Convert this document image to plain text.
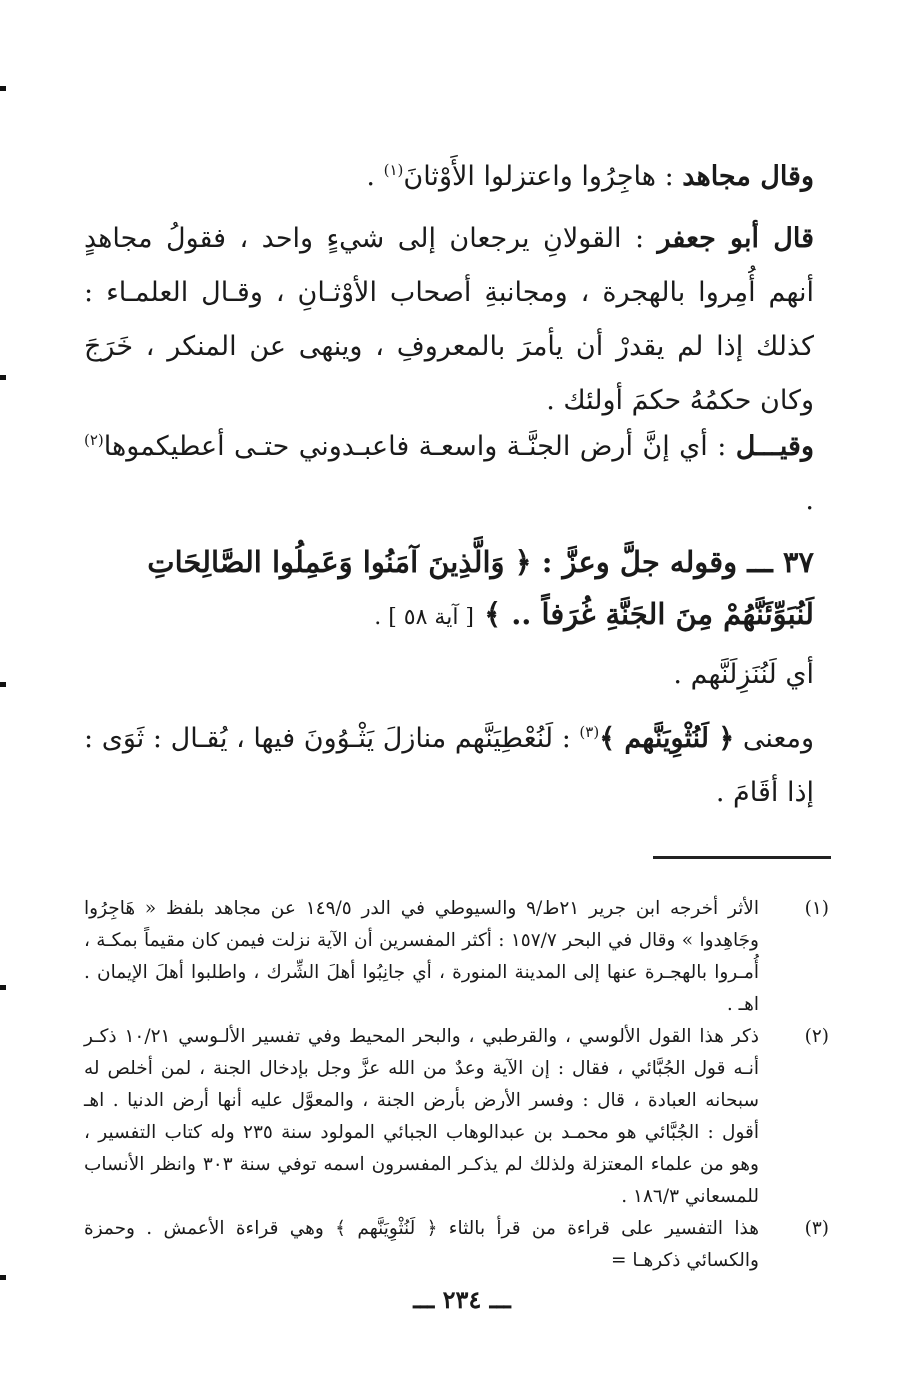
وقال مجاهد : هاجِرُوا واعتزلوا الأَوْثانَ$^{(١)}$ .
قال أبو جعفر : القولانِ يرجعان إلى شيءٍ واحد ، فقولُ مجاهدٍ أنهم أُمِروا بالهجرة ، ومجانبةِ أصحاب الأوْثـانِ ، وقـال العلمـاء : كذلك إذا لم يقدرْ أن يأمرَ بالمعروفِ ، وينهى عن المنكر ، خَرَجَ وكان حكمُهُ حكمَ أولئك .
وقيـــل : أي إنَّ أرض الجنَّـة واسعـة فاعبـدوني حتـى أعطيكموها$^{(٢)}$ .
٣٧ ـــ وقوله جلَّ وعزَّ : ﴿ وَالَّذِينَ آمَنُوا وَعَمِلُوا الصَّالِحَاتِ لَنُبَوِّئَنَّهُمْ مِنَ الجَنَّةِ غُرَفاً .. ﴾ [ آية ٥٨ ] .
أي لَنُنَزِلَنَّهم .
ومعنى ﴿ لَنُثْوِيَنَّهم ﴾$^{(٣)}$ : لَنُعْطِيَنَّهم منازلَ يَثْـوُونَ فيها ، يُقـال : ثَوَى : إذا أقَامَ .
(١)
الأثر أخرجه ابن جرير ٢١ط/٩ والسيوطي في الدر ١٤٩/٥ عن مجاهد بلفظ « هَاجِرُوا وجَاهِدوا » وقال في البحر ١٥٧/٧ : أكثر المفسرين أن الآية نزلت فيمن كان مقيماً بمكـة ، أُمـروا بالهجـرة عنها إلى المدينة المنورة ، أي جانِبُوا أهلَ الشِّرك ، واطلبوا أهلَ الإيمان . اهـ .
(٢)
ذكر هذا القول الألوسي ، والقرطبي ، والبحر المحيط وفي تفسير الألـوسي ١٠/٢١ ذكـر أنـه قول الجُبَّائي ، فقال : إن الآية وعدٌ من الله عزَّ وجل بإدخال الجنة ، لمن أخلص له سبحانه العبادة ، قال : وفسر الأرض بأرض الجنة ، والمعوَّل عليه أنها أرض الدنيا . اهـ أقول : الجُبَّائي هو محمـد بن عبدالوهاب الجبائي المولود سنة ٢٣٥ وله كتاب التفسير ، وهو من علماء المعتزلة ولذلك لم يذكـر المفسرون اسمه توفي سنة ٣٠٣ وانظر الأنساب للمسعاني ١٨٦/٣ .
(٣)
هذا التفسير على قراءة من قرأ بالثاء ﴿ لَنُثْوِيَنَّهم ﴾ وهي قراءة الأعمش . وحمزة والكسائي ذكرهـا =
ـــ ٢٣٤ ـــ
